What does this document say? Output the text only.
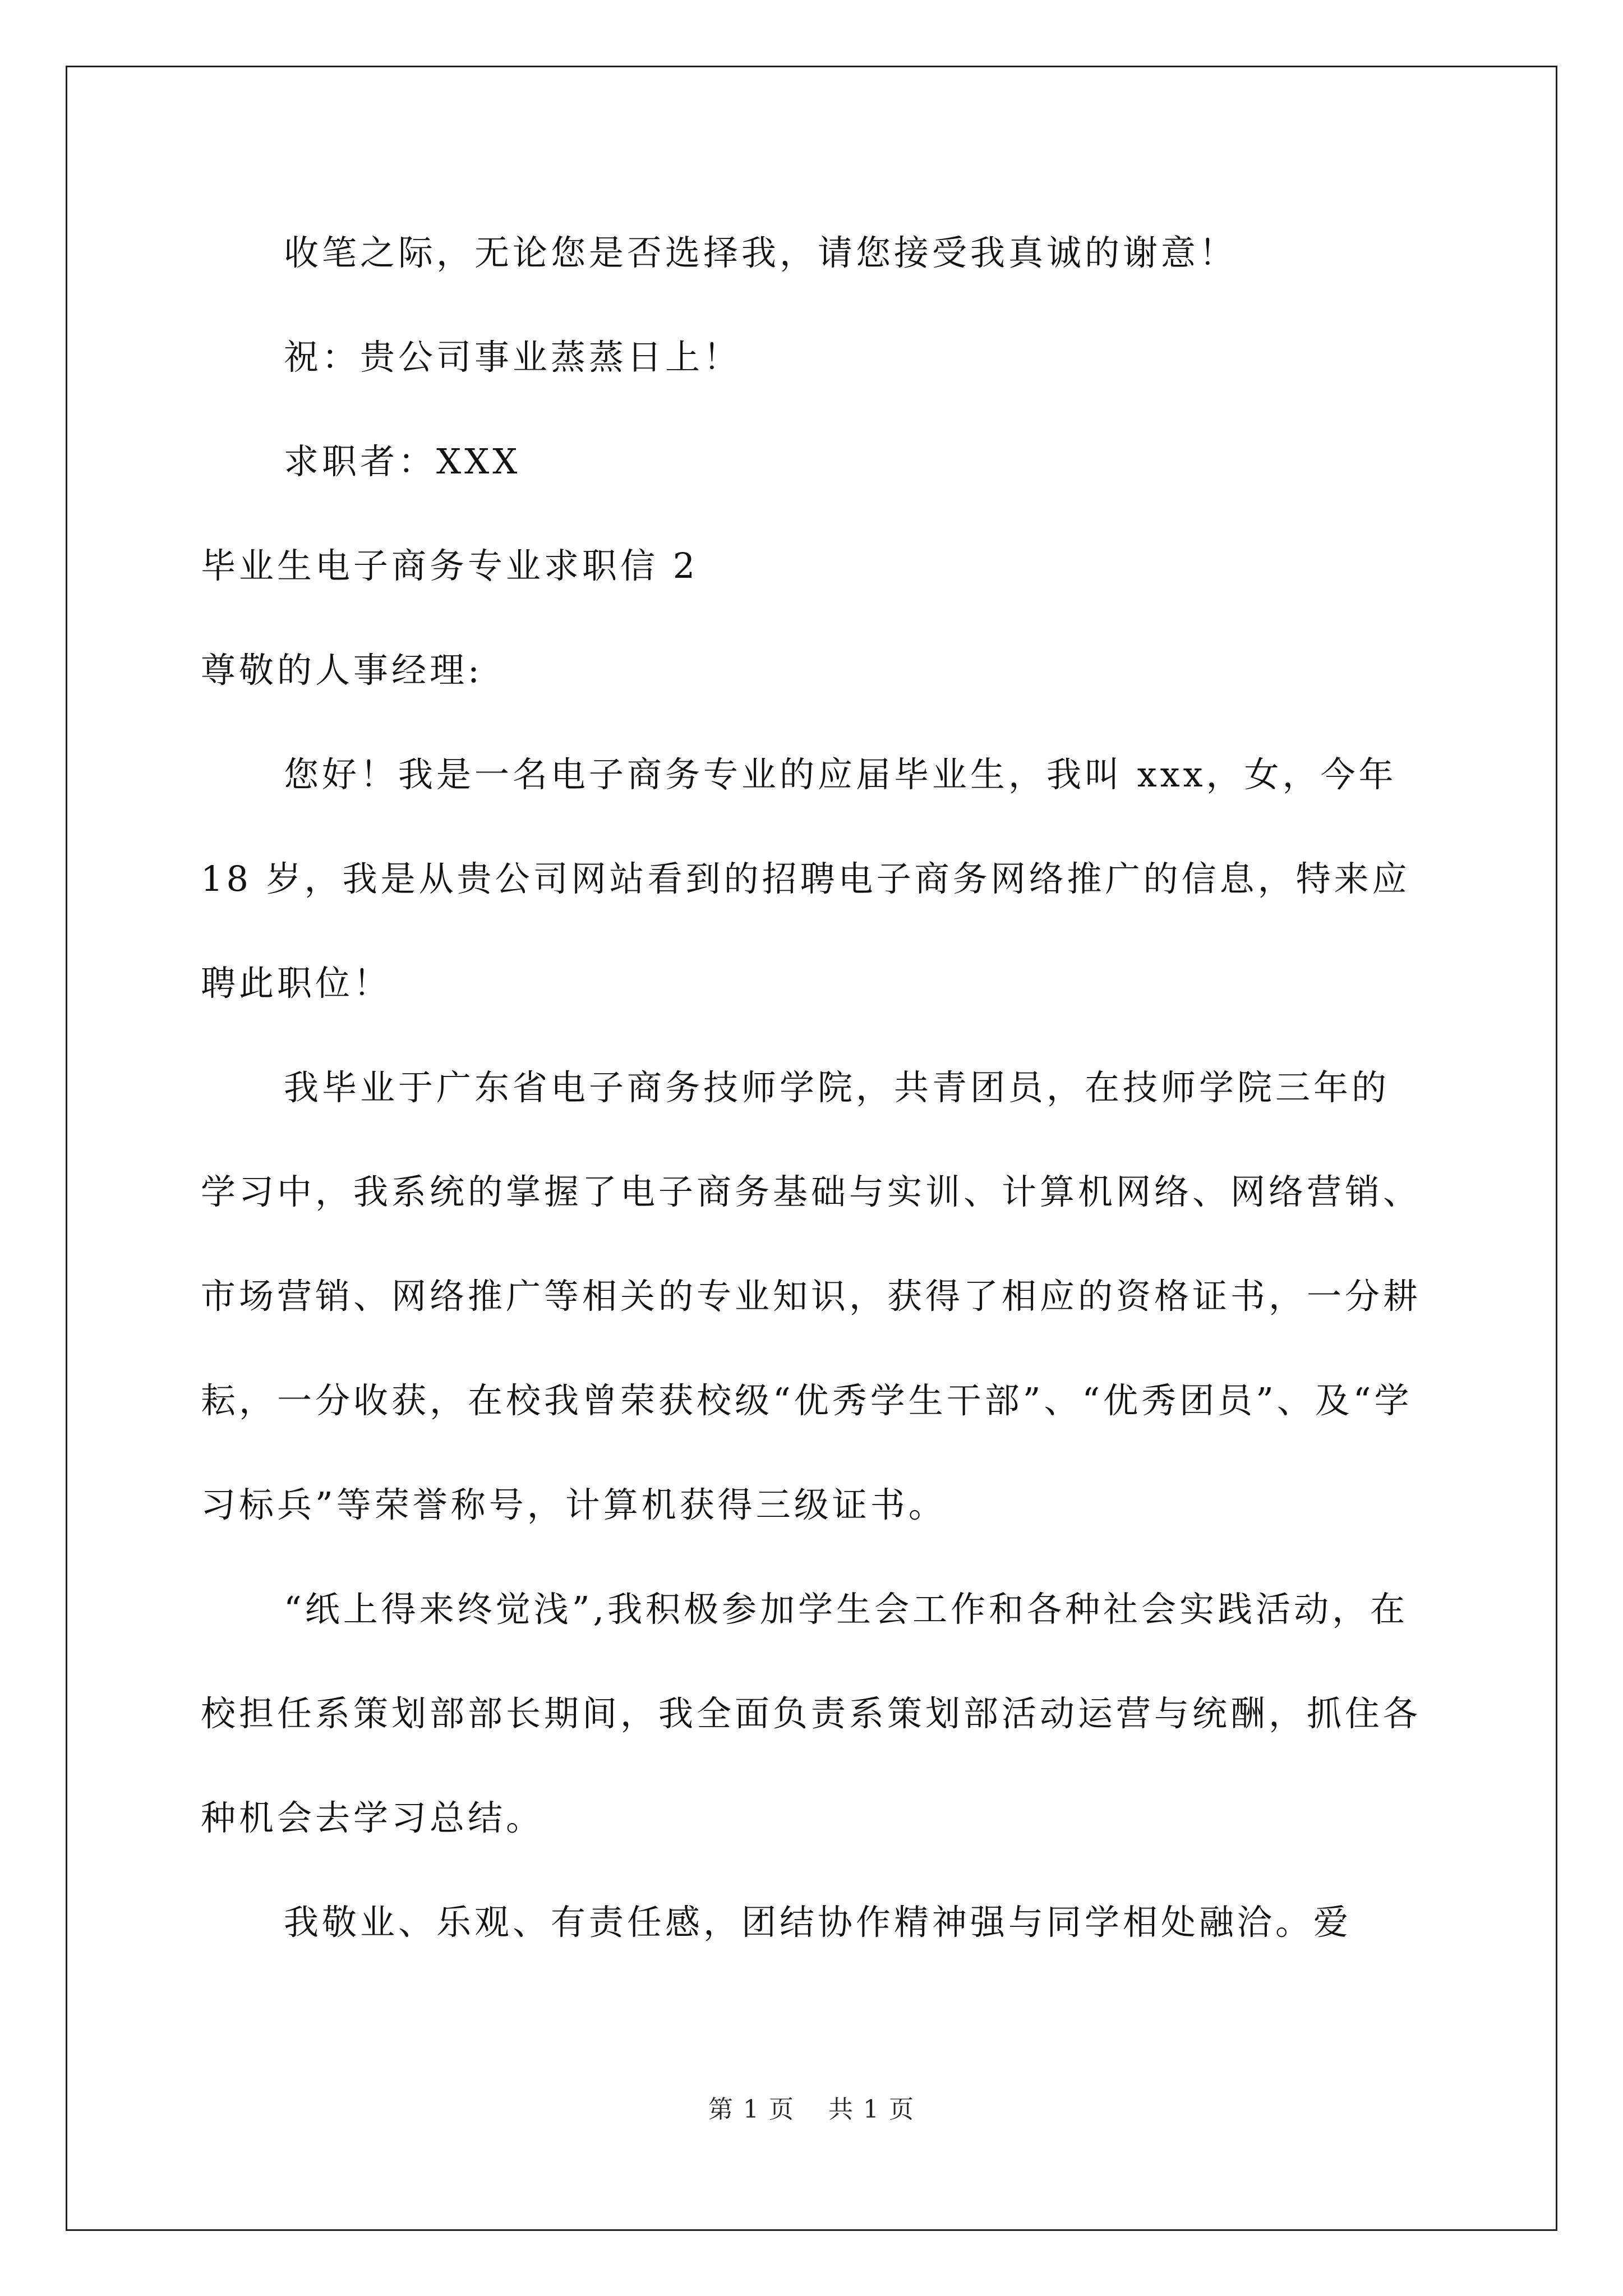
收笔之际，无论您是否选择我，请您接受我真诚的谢意！

祝：贵公司事业蒸蒸日上！

求职者：XXX

毕业生电子商务专业求职信 2

尊敬的人事经理:

您好！我是一名电子商务专业的应届毕业生，我叫 xxx，女，今年 18 岁，我是从贵公司网站看到的招聘电子商务网络推广的信息，特来应聘此职位！

我毕业于广东省电子商务技师学院，共青团员，在技师学院三年的学习中，我系统的掌握了电子商务基础与实训、计算机网络、网络营销、市场营销、网络推广等相关的专业知识，获得了相应的资格证书，一分耕耘，一分收获，在校我曾荣获校级“优秀学生干部”、“优秀团员”、及“学习标兵”等荣誉称号，计算机获得三级证书。

“纸上得来终觉浅”,我积极参加学生会工作和各种社会实践活动，在校担任系策划部部长期间，我全面负责系策划部活动运营与统酬，抓住各种机会去学习总结。

我敬业、乐观、有责任感，团结协作精神强与同学相处融洽。爱

第 1 页 共 1 页
